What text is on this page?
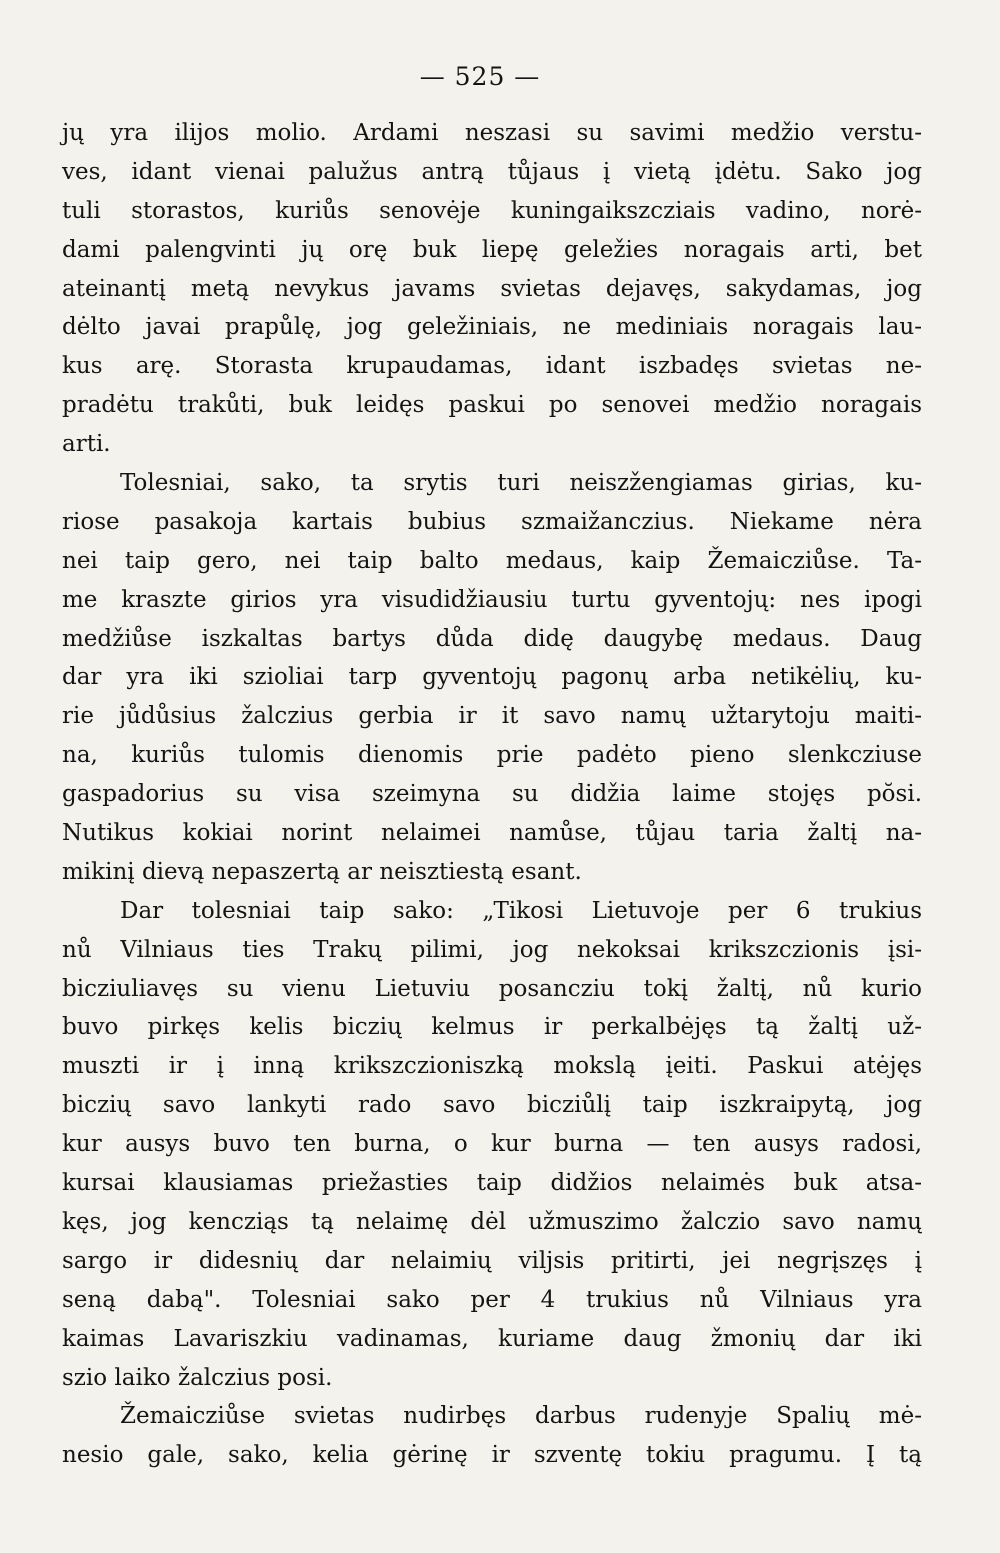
— 525 —
jų yra ilijos molio. Ardami neszasi su savimi medžio verstu-
ves, idant vienai palužus antrą tůjaus į vietą įdėtu. Sako jog
tuli storastos, kuriůs senovėje kuningaikszcziais vadino, norė-
dami palengvinti jų orę buk liepę geležies noragais arti, bet
ateinantį metą nevykus javams svietas dejavęs, sakydamas, jog
dėlto javai prapůlę, jog geležiniais, ne mediniais noragais lau-
kus arę. Storasta krupaudamas, idant iszbadęs svietas ne-
pradėtu trakůti, buk leidęs paskui po senovei medžio noragais
arti.
Tolesniai, sako, ta srytis turi neiszžengiamas girias, ku-
riose pasakoja kartais bubius szmaižanczius. Niekame nėra
nei taip gero, nei taip balto medaus, kaip Žemaicziůse. Ta-
me kraszte girios yra visudidžiausiu turtu gyventojų: nes ipogi
medžiůse iszkaltas bartys důda didę daugybę medaus. Daug
dar yra iki szioliai tarp gyventojų pagonų arba netikėlių, ku-
rie jůdůsius žalczius gerbia ir it savo namų užtarytoju maiti-
na, kuriůs tulomis dienomis prie padėto pieno slenkcziuse
gaspadorius su visa szeimyna su didžia laime stojęs pŏsi.
Nutikus kokiai norint nelaimei namůse, tůjau taria žaltį na-
mikinį dievą nepaszertą ar neisztiestą esant.
Dar tolesniai taip sako: „Tikosi Lietuvoje per 6 trukius
nů Vilniaus ties Trakų pilimi, jog nekoksai krikszczionis įsi-
bicziuliavęs su vienu Lietuviu posancziu tokį žaltį, nů kurio
buvo pirkęs kelis biczių kelmus ir perkalbėjęs tą žaltį už-
muszti ir į inną krikszczioniszką mokslą įeiti. Paskui atėjęs
biczių savo lankyti rado savo bicziůlį taip iszkraipytą, jog
kur ausys buvo ten burna, o kur burna — ten ausys radosi,
kursai klausiamas priežasties taip didžios nelaimės buk atsa-
kęs, jog kencziąs tą nelaimę dėl užmuszimo žalczio savo namų
sargo ir didesnių dar nelaimių viljsis pritirti, jei negrįszęs į
seną dabą". Tolesniai sako per 4 trukius nů Vilniaus yra
kaimas Lavariszkiu vadinamas, kuriame daug žmonių dar iki
szio laiko žalczius posi.
Žemaicziůse svietas nudirbęs darbus rudenyje Spalių mė-
nesio gale, sako, kelia gėrinę ir szventę tokiu pragumu. Į tą
